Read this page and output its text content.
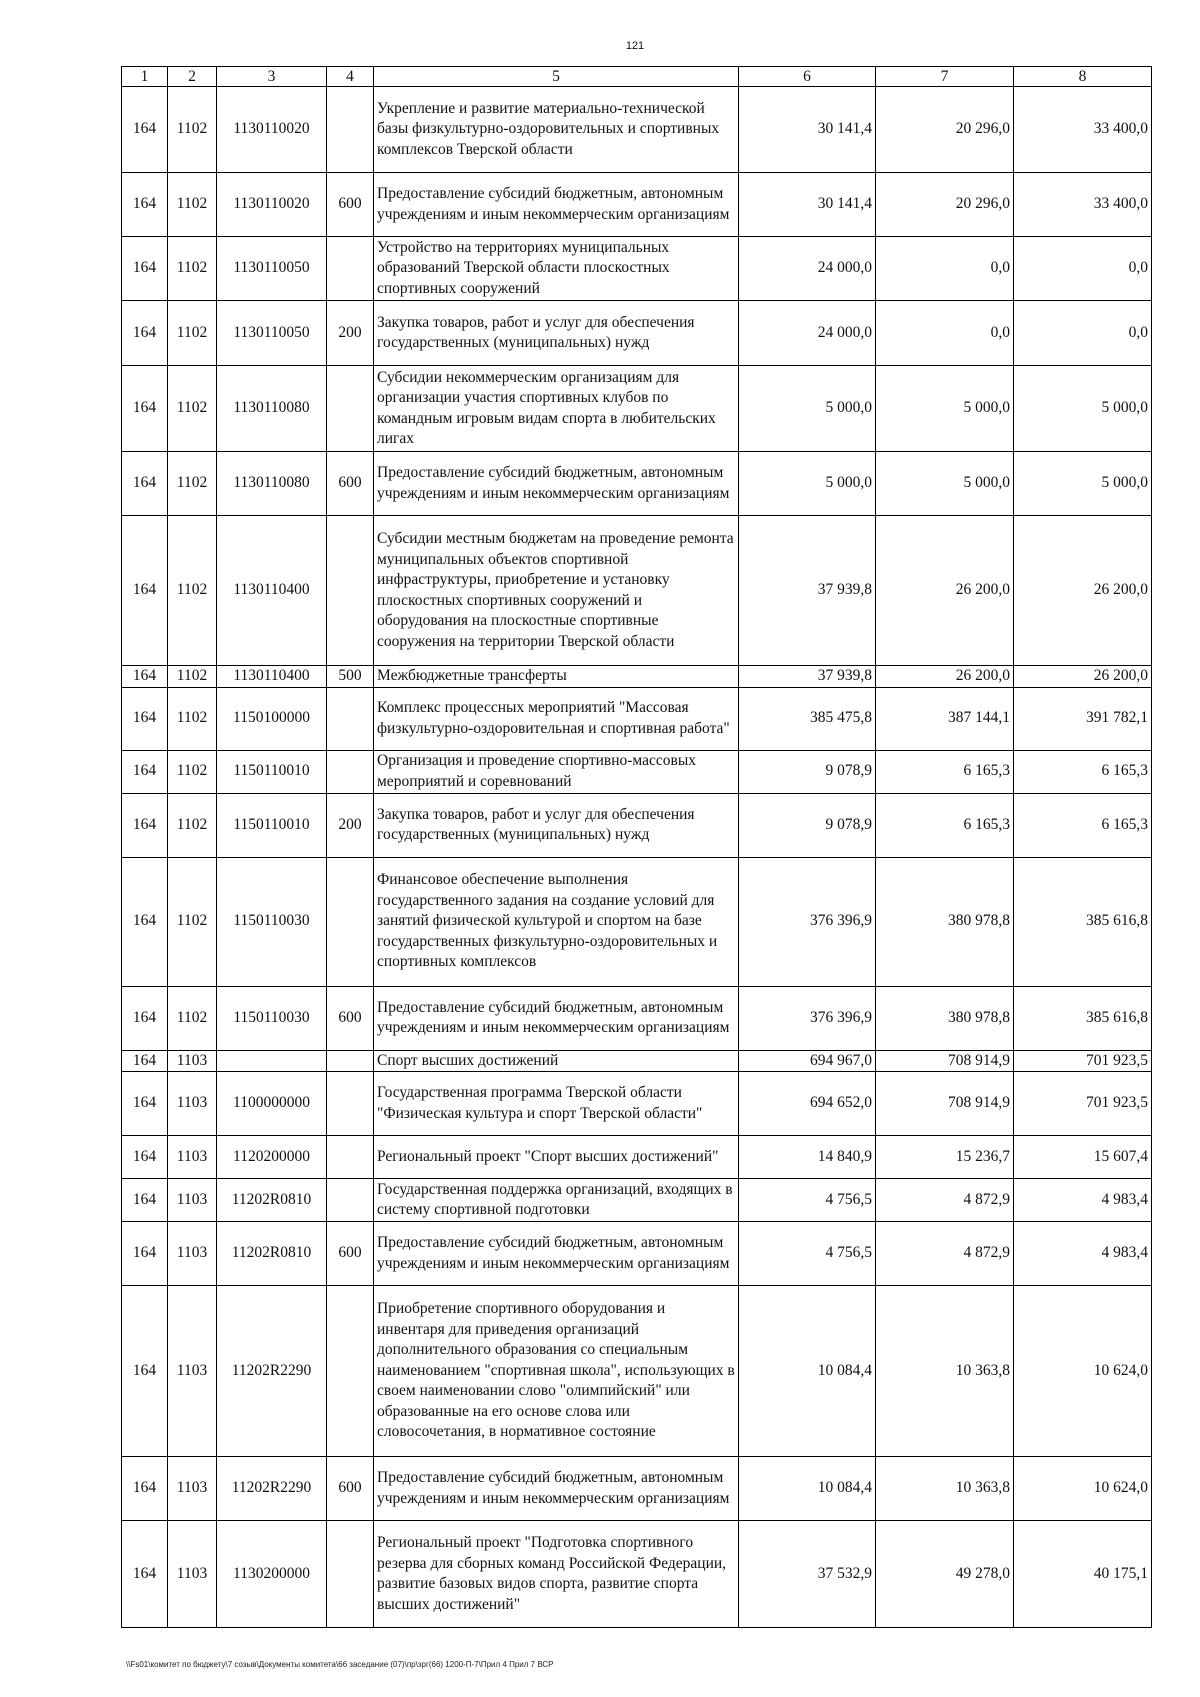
121
1	2	3	4	5	6	7	8
164	1102	1130110020		Укрепление и развитие материально-технической базы физкультурно-оздоровительных и спортивных комплексов Тверской области	30 141,4	20 296,0	33 400,0
164	1102	1130110020	600	Предоставление субсидий бюджетным, автономным учреждениям и иным некоммерческим организациям	30 141,4	20 296,0	33 400,0
164	1102	1130110050		Устройство на территориях муниципальных образований Тверской области плоскостных спортивных сооружений	24 000,0	0,0	0,0
164	1102	1130110050	200	Закупка товаров, работ и услуг для обеспечения государственных (муниципальных) нужд	24 000,0	0,0	0,0
164	1102	1130110080		Субсидии некоммерческим организациям для организации участия спортивных клубов по командным игровым видам спорта в любительских лигах	5 000,0	5 000,0	5 000,0
164	1102	1130110080	600	Предоставление субсидий бюджетным, автономным учреждениям и иным некоммерческим организациям	5 000,0	5 000,0	5 000,0
164	1102	1130110400		Субсидии местным бюджетам на проведение ремонта муниципальных объектов спортивной инфраструктуры, приобретение и установку плоскостных спортивных сооружений и оборудования на плоскостные спортивные сооружения на территории Тверской области	37 939,8	26 200,0	26 200,0
164	1102	1130110400	500	Межбюджетные трансферты	37 939,8	26 200,0	26 200,0
164	1102	1150100000		Комплекс процессных мероприятий "Массовая физкультурно-оздоровительная и спортивная работа"	385 475,8	387 144,1	391 782,1
164	1102	1150110010		Организация и проведение спортивно-массовых мероприятий и соревнований	9 078,9	6 165,3	6 165,3
164	1102	1150110010	200	Закупка товаров, работ и услуг для обеспечения государственных (муниципальных) нужд	9 078,9	6 165,3	6 165,3
164	1102	1150110030		Финансовое обеспечение выполнения государственного задания на создание условий для занятий физической культурой и спортом на базе государственных физкультурно-оздоровительных и спортивных комплексов	376 396,9	380 978,8	385 616,8
164	1102	1150110030	600	Предоставление субсидий бюджетным, автономным учреждениям и иным некоммерческим организациям	376 396,9	380 978,8	385 616,8
164	1103			Спорт высших достижений	694 967,0	708 914,9	701 923,5
164	1103	1100000000		Государственная программа Тверской области "Физическая культура и спорт Тверской области"	694 652,0	708 914,9	701 923,5
164	1103	1120200000		Региональный проект "Спорт высших достижений"	14 840,9	15 236,7	15 607,4
164	1103	11202R0810		Государственная поддержка организаций, входящих в систему спортивной подготовки	4 756,5	4 872,9	4 983,4
164	1103	11202R0810	600	Предоставление субсидий бюджетным, автономным учреждениям и иным некоммерческим организациям	4 756,5	4 872,9	4 983,4
164	1103	11202R2290		Приобретение спортивного оборудования и инвентаря для приведения организаций дополнительного образования со специальным наименованием "спортивная школа", использующих в своем наименовании слово "олимпийский" или образованные на его основе слова или словосочетания, в нормативное состояние	10 084,4	10 363,8	10 624,0
164	1103	11202R2290	600	Предоставление субсидий бюджетным, автономным учреждениям и иным некоммерческим организациям	10 084,4	10 363,8	10 624,0
164	1103	1130200000		Региональный проект "Подготовка спортивного резерва для сборных команд Российской Федерации, развитие базовых видов спорта, развитие спорта высших достижений"	37 532,9	49 278,0	40 175,1
\\Fs01\комитет по бюджету\7 созыв\Документы комитета\66 заседание (07)\пр\зрг(66) 1200-П-7\Прил 4 Прил 7 ВСР
